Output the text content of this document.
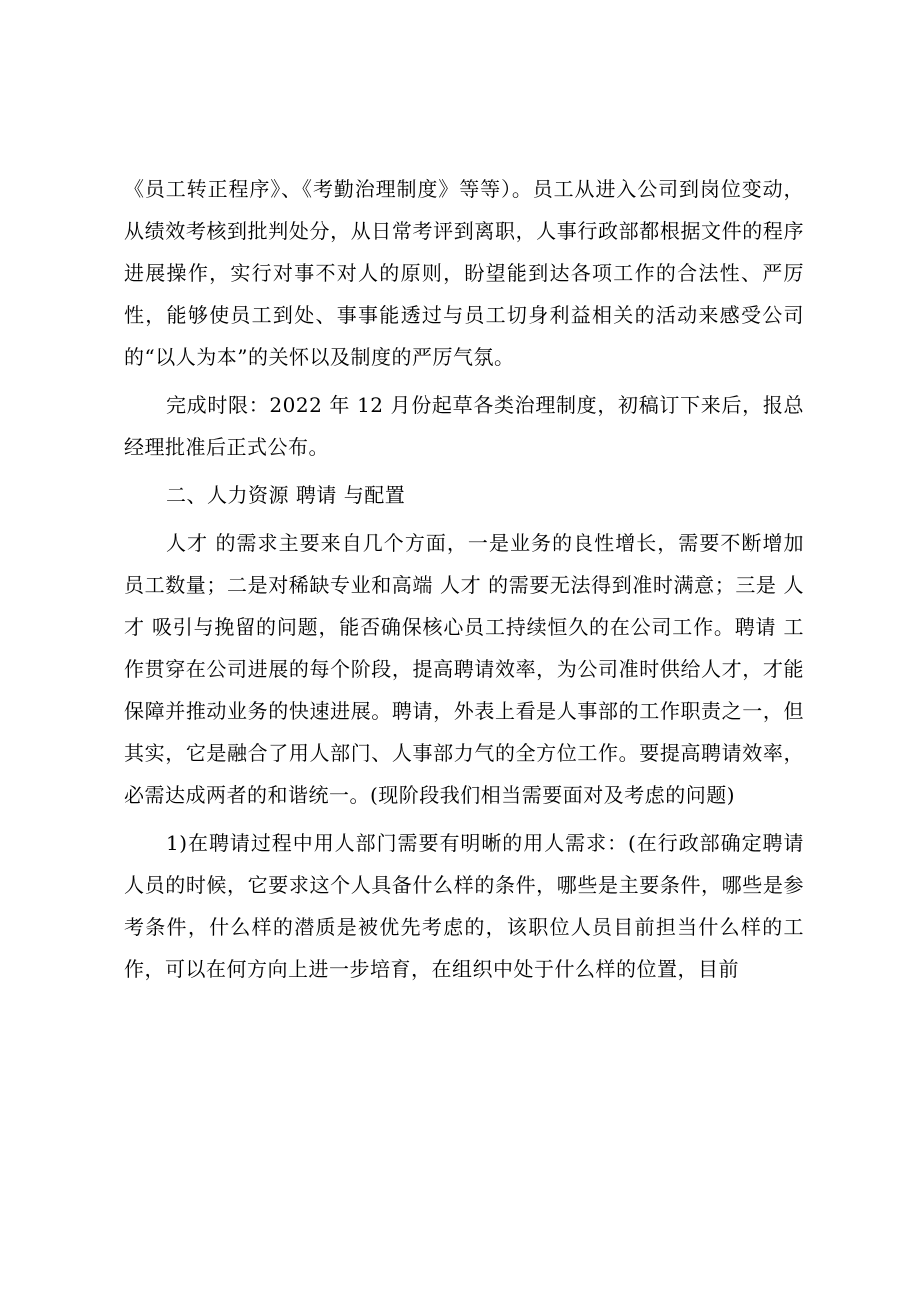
《员工转正程序》、《考勤治理制度》等等）。员工从进入公司到岗位变动，从绩效考核到批判处分，从日常考评到离职，人事行政部都根据文件的程序进展操作，实行对事不对人的原则，盼望能到达各项工作的合法性、严厉性，能够使员工到处、事事能透过与员工切身利益相关的活动来感受公司的“以人为本”的关怀以及制度的严厉气氛。

完成时限：2022 年 12 月份起草各类治理制度，初稿订下来后，报总经理批准后正式公布。

二、人力资源 聘请 与配置

人才 的需求主要来自几个方面，一是业务的良性增长，需要不断增加员工数量；二是对稀缺专业和高端 人才 的需要无法得到准时满意；三是 人才 吸引与挽留的问题，能否确保核心员工持续恒久的在公司工作。聘请 工作贯穿在公司进展的每个阶段，提高聘请效率，为公司准时供给人才，才能保障并推动业务的快速进展。聘请，外表上看是人事部的工作职责之一，但其实，它是融合了用人部门、人事部力气的全方位工作。要提高聘请效率，必需达成两者的和谐统一。(现阶段我们相当需要面对及考虑的问题)

1)在聘请过程中用人部门需要有明晰的用人需求：(在行政部确定聘请人员的时候，它要求这个人具备什么样的条件，哪些是主要条件，哪些是参考条件，什么样的潜质是被优先考虑的，该职位人员目前担当什么样的工作，可以在何方向上进一步培育，在组织中处于什么样的位置，目前
